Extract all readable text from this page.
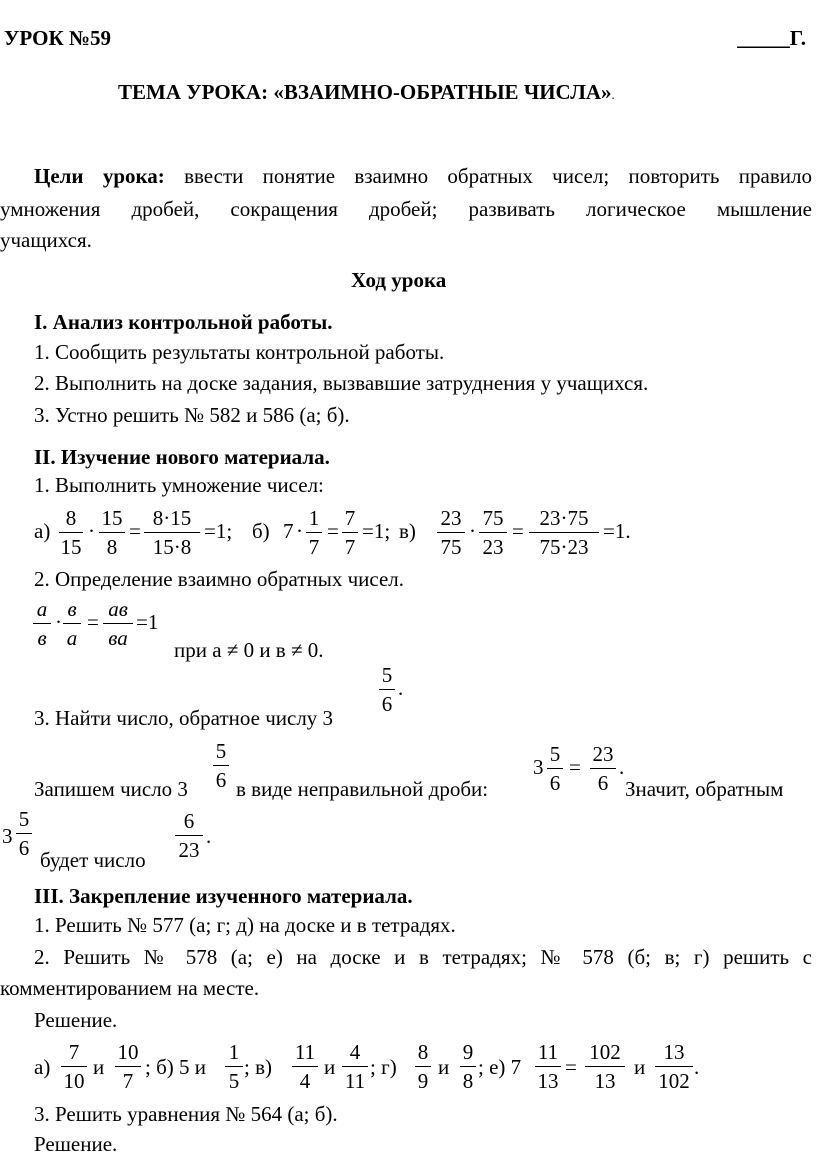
УРОК №59	_____Г.
ТЕМА УРОКА: «ВЗАИМНО-ОБРАТНЫЕ ЧИСЛА».
Цели урока: ввести понятие взаимно обратных чисел; повторить правило
умножения дробей, сокращения дробей; развивать логическое мышление
учащихся.
Ход урока
I. Анализ контрольной работы.
1. Сообщить результаты контрольной работы.
2. Выполнить на доске задания, вызвавшие затруднения у учащихся.
3. Устно решить № 582 и 586 (а; б).
II. Изучение нового материала.
1. Выполнить умножение чисел:
а)
8
15
·
15
8
=
8·15
15·8
=1; б) 7 ·
1
7
=
7
7
=1; в)
23
75
·
75
23
=
23·75
75·23
=1.
2. Определение взаимно обратных чисел.
а
в
·
в
а
=
ав
ва
=1
при а ≠ 0 и в ≠ 0.
3. Найти число, обратное числу 3
5
6
.
Запишем число 3
5
6 в виде неправильной дроби:
3
5
6
=
23
6
.
Значит, обратным
3
5
6 будет число
6
23
.
III. Закрепление изученного материала.
1. Решить № 577 (а; г; д) на доске и в тетрадях.
2. Решить № 578 (а; е) на доске и в тетрадях; № 578 (б; в; г) решить с
комментированием на месте.
Решение.
а)
7
10
и
10
7
; б) 5 и
1
5
; в)
11
4
и
4
11
; г)
8
9
и
9
8
; е) 7
11
13
=
102
13
и
13
102
.
3. Решить уравнения № 564 (а; б).
Решение.
